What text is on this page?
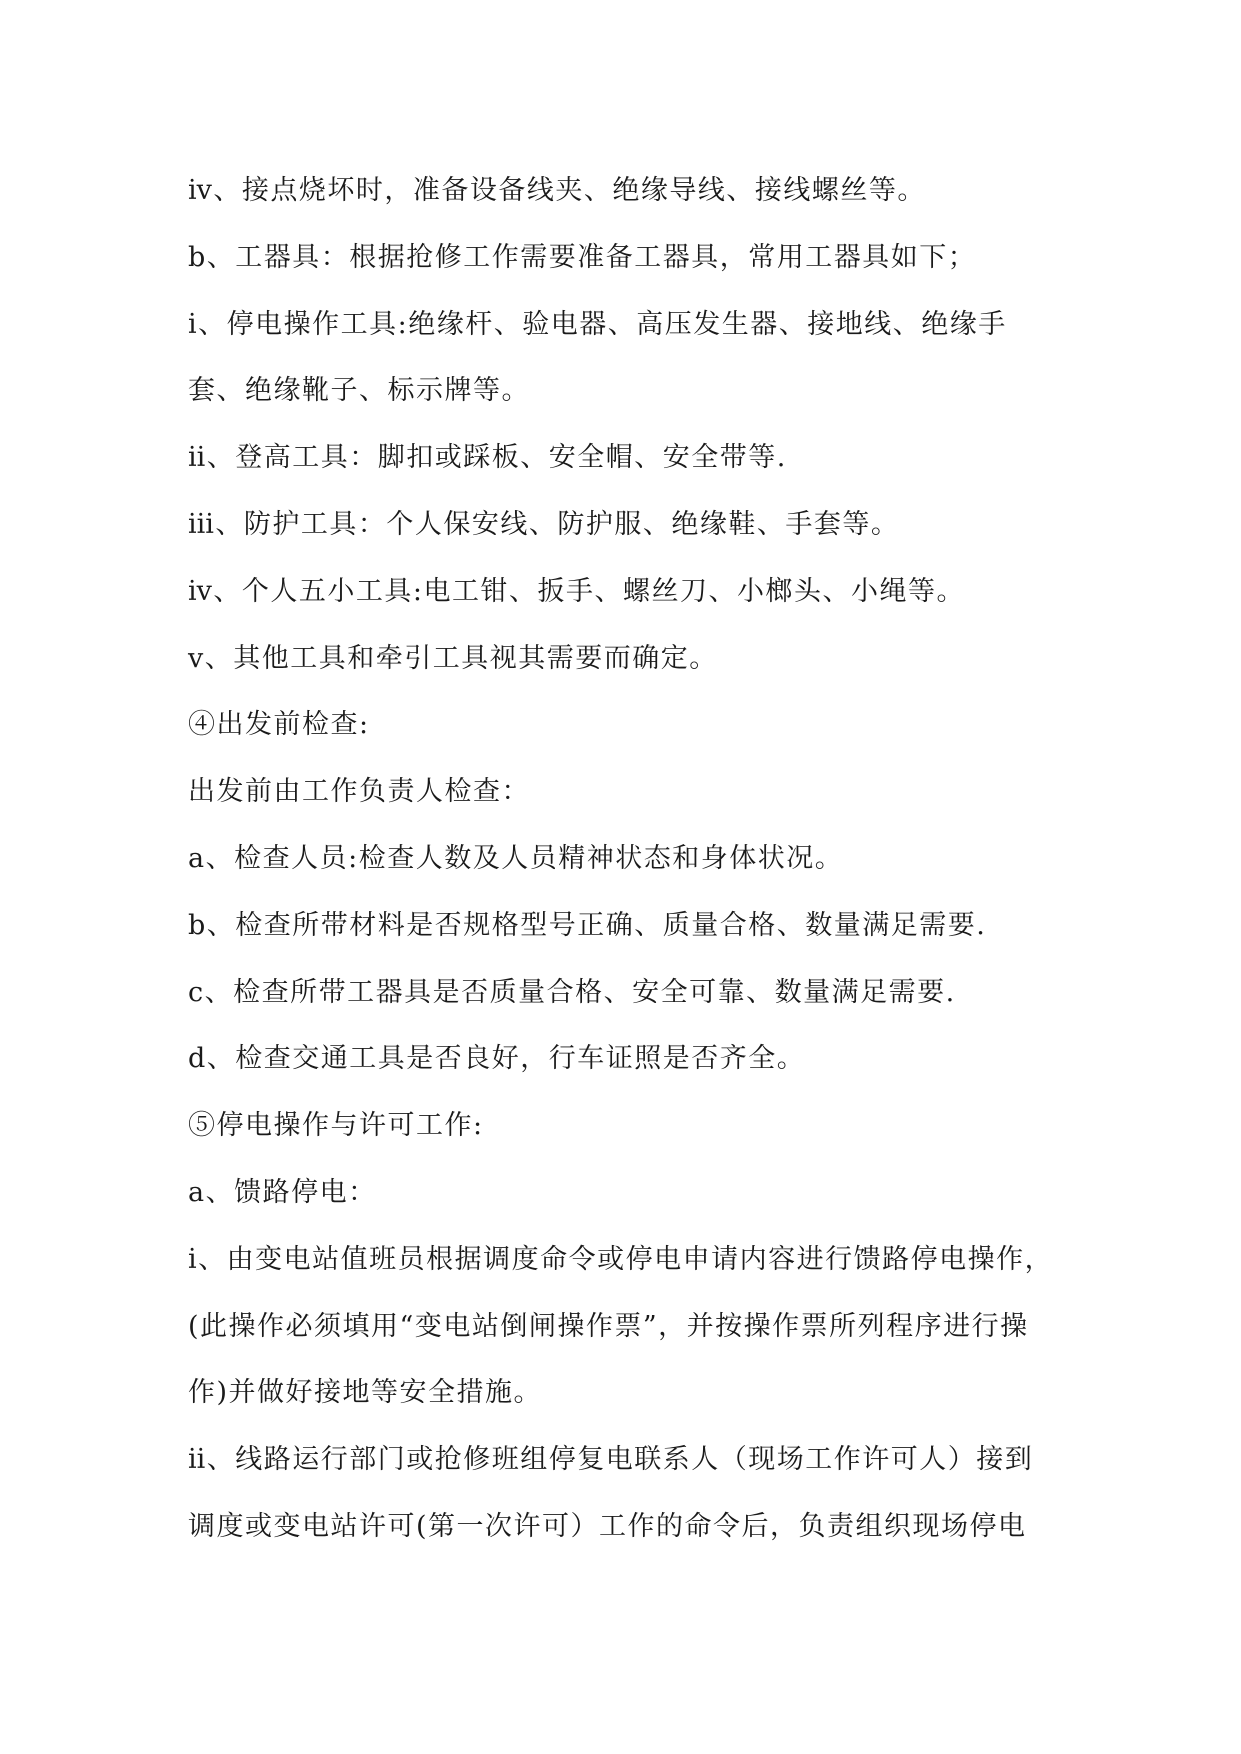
ⅳ、接点烧坏时，准备设备线夹、绝缘导线、接线螺丝等。
b、工器具：根据抢修工作需要准备工器具，常用工器具如下；
ⅰ、停电操作工具:绝缘杆、验电器、高压发生器、接地线、绝缘手
套、绝缘靴子、标示牌等。
ⅱ、登高工具：脚扣或踩板、安全帽、安全带等.
ⅲ、防护工具：个人保安线、防护服、绝缘鞋、手套等。
ⅳ、个人五小工具:电工钳、扳手、螺丝刀、小榔头、小绳等。
ⅴ、其他工具和牵引工具视其需要而确定。
④出发前检查:
出发前由工作负责人检查：
a、检查人员:检查人数及人员精神状态和身体状况。
b、检查所带材料是否规格型号正确、质量合格、数量满足需要.
c、检查所带工器具是否质量合格、安全可靠、数量满足需要.
d、检查交通工具是否良好，行车证照是否齐全。
⑤停电操作与许可工作:
a、馈路停电：
ⅰ、由变电站值班员根据调度命令或停电申请内容进行馈路停电操作，
(此操作必须填用“变电站倒闸操作票”，并按操作票所列程序进行操
作)并做好接地等安全措施。
ⅱ、线路运行部门或抢修班组停复电联系人（现场工作许可人）接到
调度或变电站许可(第一次许可）工作的命令后，负责组织现场停电
